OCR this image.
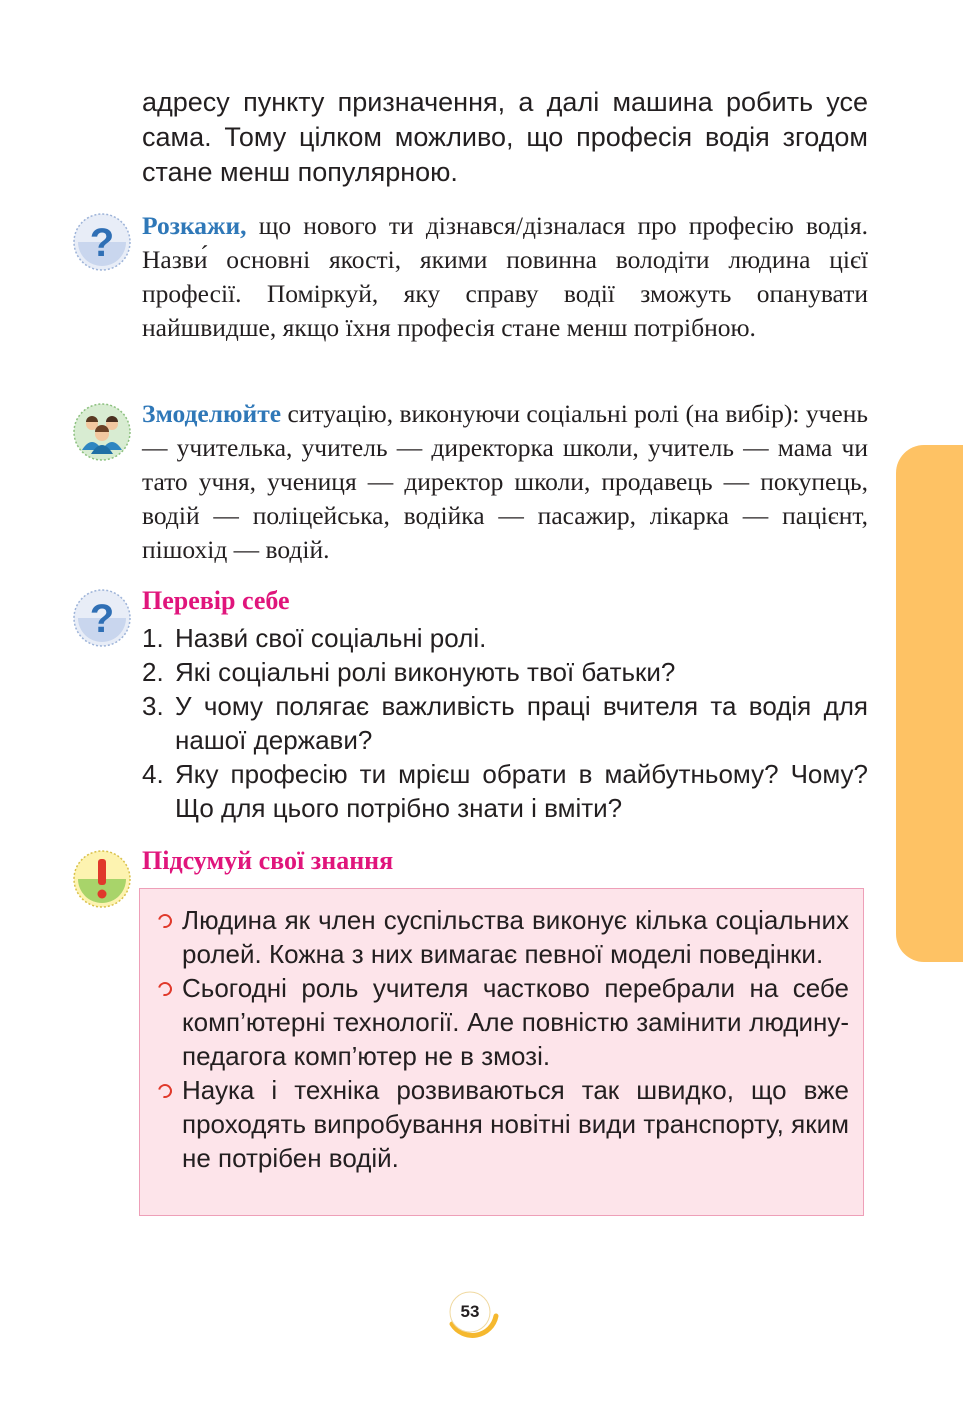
адресу пункту призначення, а далі машина робить усе сама. Тому цілком можливо, що професія водія згодом стане менш популярною.

? Розкажи, що нового ти дізнався/дізналася про професію водія. Назви́ основні якості, якими повинна володіти людина цієї професії. Поміркуй, яку справу водії зможуть опанувати найшвидше, якщо їхня професія стане менш потрібною.

Змоделюйте ситуацію, виконуючи соціальні ролі (на вибір): учень — учителька, учитель — директорка школи, учитель — мама чи тато учня, учениця — директор школи, продавець — покупець, водій — поліцейська, водійка — пасажир, лікарка — пацієнт, пішохід — водій.

? Перевір себе
1. Назви́ свої соціальні ролі.
2. Які соціальні ролі виконують твої батьки?
3. У чому полягає важливість праці вчителя та водія для нашої держави?
4. Яку професію ти мрієш обрати в майбутньому? Чому? Що для цього потрібно знати і вміти?
Підсумуй свої знання
Людина як член суспільства виконує кілька соціальних ролей. Кожна з них вимагає певної моделі поведінки.
Сьогодні роль учителя частково перебрали на себе комп’ютерні технології. Але повністю замінити людину-педагога комп’ютер не в змозі.
Наука і техніка розвиваються так швидко, що вже проходять випробування новітні види транспорту, яким не потрібен водій.
53
